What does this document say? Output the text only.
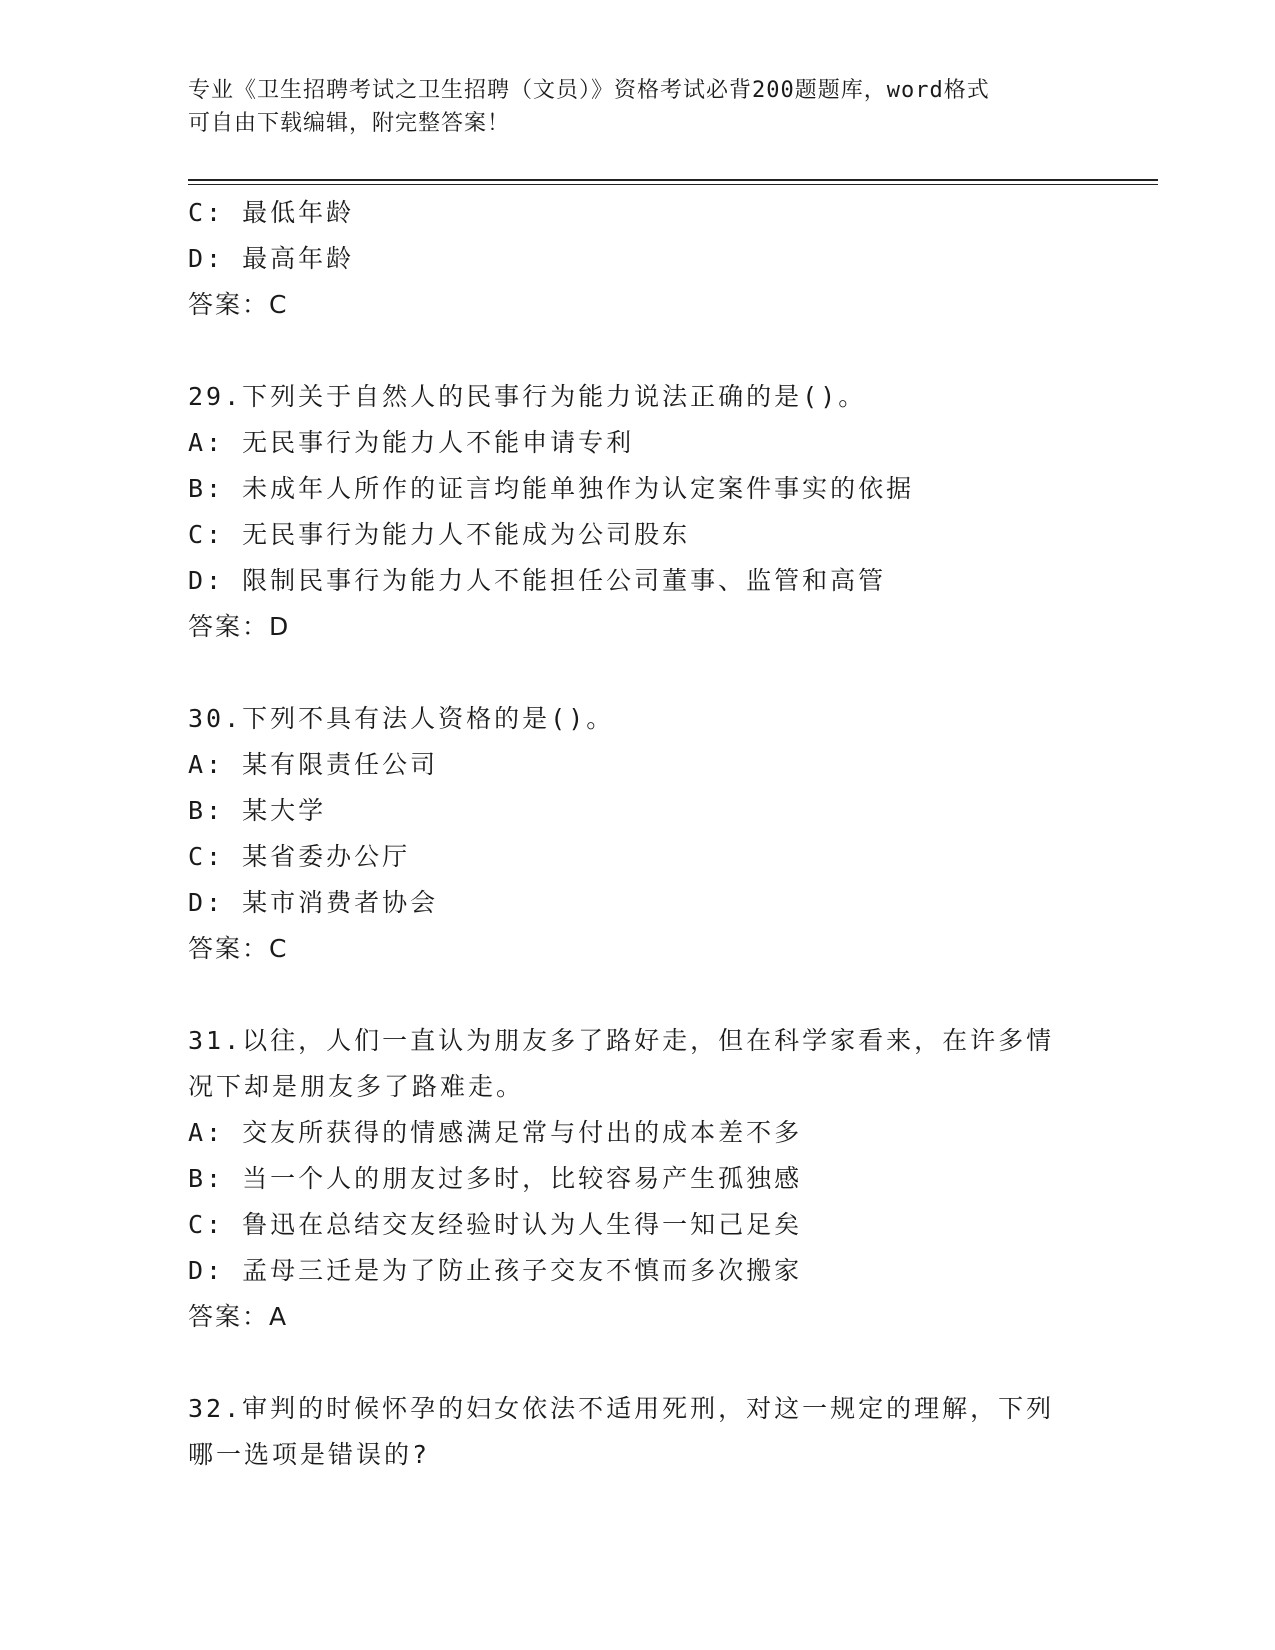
专业《卫生招聘考试之卫生招聘（文员）》资格考试必背200题题库，word格式
可自由下载编辑，附完整答案！
C: 最低年龄
D: 最高年龄
答案：C
29.下列关于自然人的民事行为能力说法正确的是()。
A: 无民事行为能力人不能申请专利
B: 未成年人所作的证言均能单独作为认定案件事实的依据
C: 无民事行为能力人不能成为公司股东
D: 限制民事行为能力人不能担任公司董事、监管和高管
答案：D
30.下列不具有法人资格的是()。
A: 某有限责任公司
B: 某大学
C: 某省委办公厅
D: 某市消费者协会
答案：C
31.以往，人们一直认为朋友多了路好走，但在科学家看来，在许多情
况下却是朋友多了路难走。
A: 交友所获得的情感满足常与付出的成本差不多
B: 当一个人的朋友过多时，比较容易产生孤独感
C: 鲁迅在总结交友经验时认为人生得一知己足矣
D: 孟母三迁是为了防止孩子交友不慎而多次搬家
答案：A
32.审判的时候怀孕的妇女依法不适用死刑，对这一规定的理解，下列
哪一选项是错误的?
